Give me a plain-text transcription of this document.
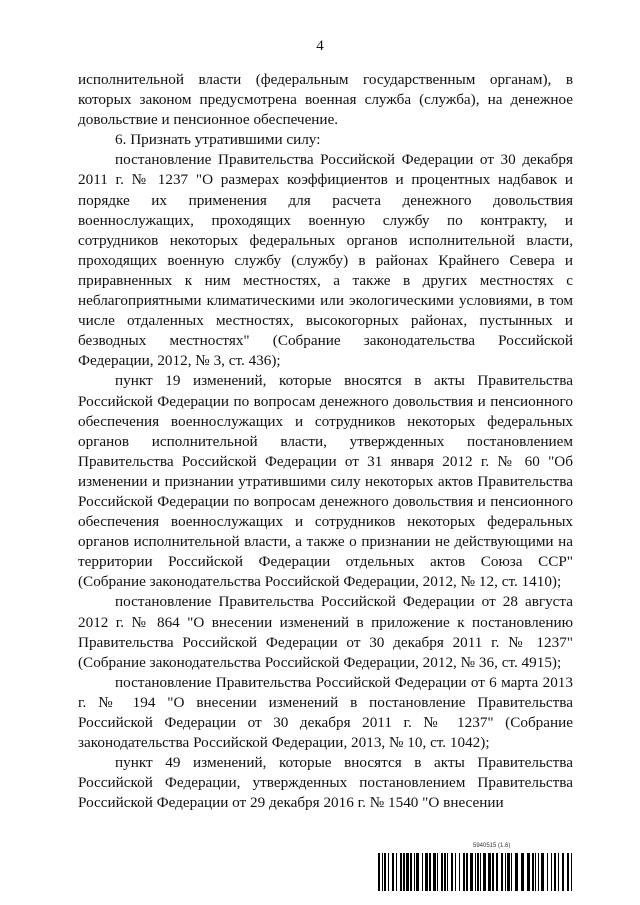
4

исполнительной власти (федеральным государственным органам), в которых законом предусмотрена военная служба (служба), на денежное довольствие и пенсионное обеспечение.

6. Признать утратившими силу:

постановление Правительства Российской Федерации от 30 декабря 2011 г. № 1237 "О размерах коэффициентов и процентных надбавок и порядке их применения для расчета денежного довольствия военнослужащих, проходящих военную службу по контракту, и сотрудников некоторых федеральных органов исполнительной власти, проходящих военную службу (службу) в районах Крайнего Севера и приравненных к ним местностях, а также в других местностях с неблагоприятными климатическими или экологическими условиями, в том числе отдаленных местностях, высокогорных районах, пустынных и безводных местностях" (Собрание законодательства Российской Федерации, 2012, № 3, ст. 436);

пункт 19 изменений, которые вносятся в акты Правительства Российской Федерации по вопросам денежного довольствия и пенсионного обеспечения военнослужащих и сотрудников некоторых федеральных органов исполнительной власти, утвержденных постановлением Правительства Российской Федерации от 31 января 2012 г. № 60 "Об изменении и признании утратившими силу некоторых актов Правительства Российской Федерации по вопросам денежного довольствия и пенсионного обеспечения военнослужащих и сотрудников некоторых федеральных органов исполнительной власти, а также о признании не действующими на территории Российской Федерации отдельных актов Союза ССР" (Собрание законодательства Российской Федерации, 2012, № 12, ст. 1410);

постановление Правительства Российской Федерации от 28 августа 2012 г. № 864 "О внесении изменений в приложение к постановлению Правительства Российской Федерации от 30 декабря 2011 г. № 1237" (Собрание законодательства Российской Федерации, 2012, № 36, ст. 4915);

постановление Правительства Российской Федерации от 6 марта 2013 г. № 194 "О внесении изменений в постановление Правительства Российской Федерации от 30 декабря 2011 г. № 1237" (Собрание законодательства Российской Федерации, 2013, № 10, ст. 1042);

пункт 49 изменений, которые вносятся в акты Правительства Российской Федерации, утвержденных постановлением Правительства Российской Федерации от 29 декабря 2016 г. № 1540 "О внесении

5940515 (1.6)
